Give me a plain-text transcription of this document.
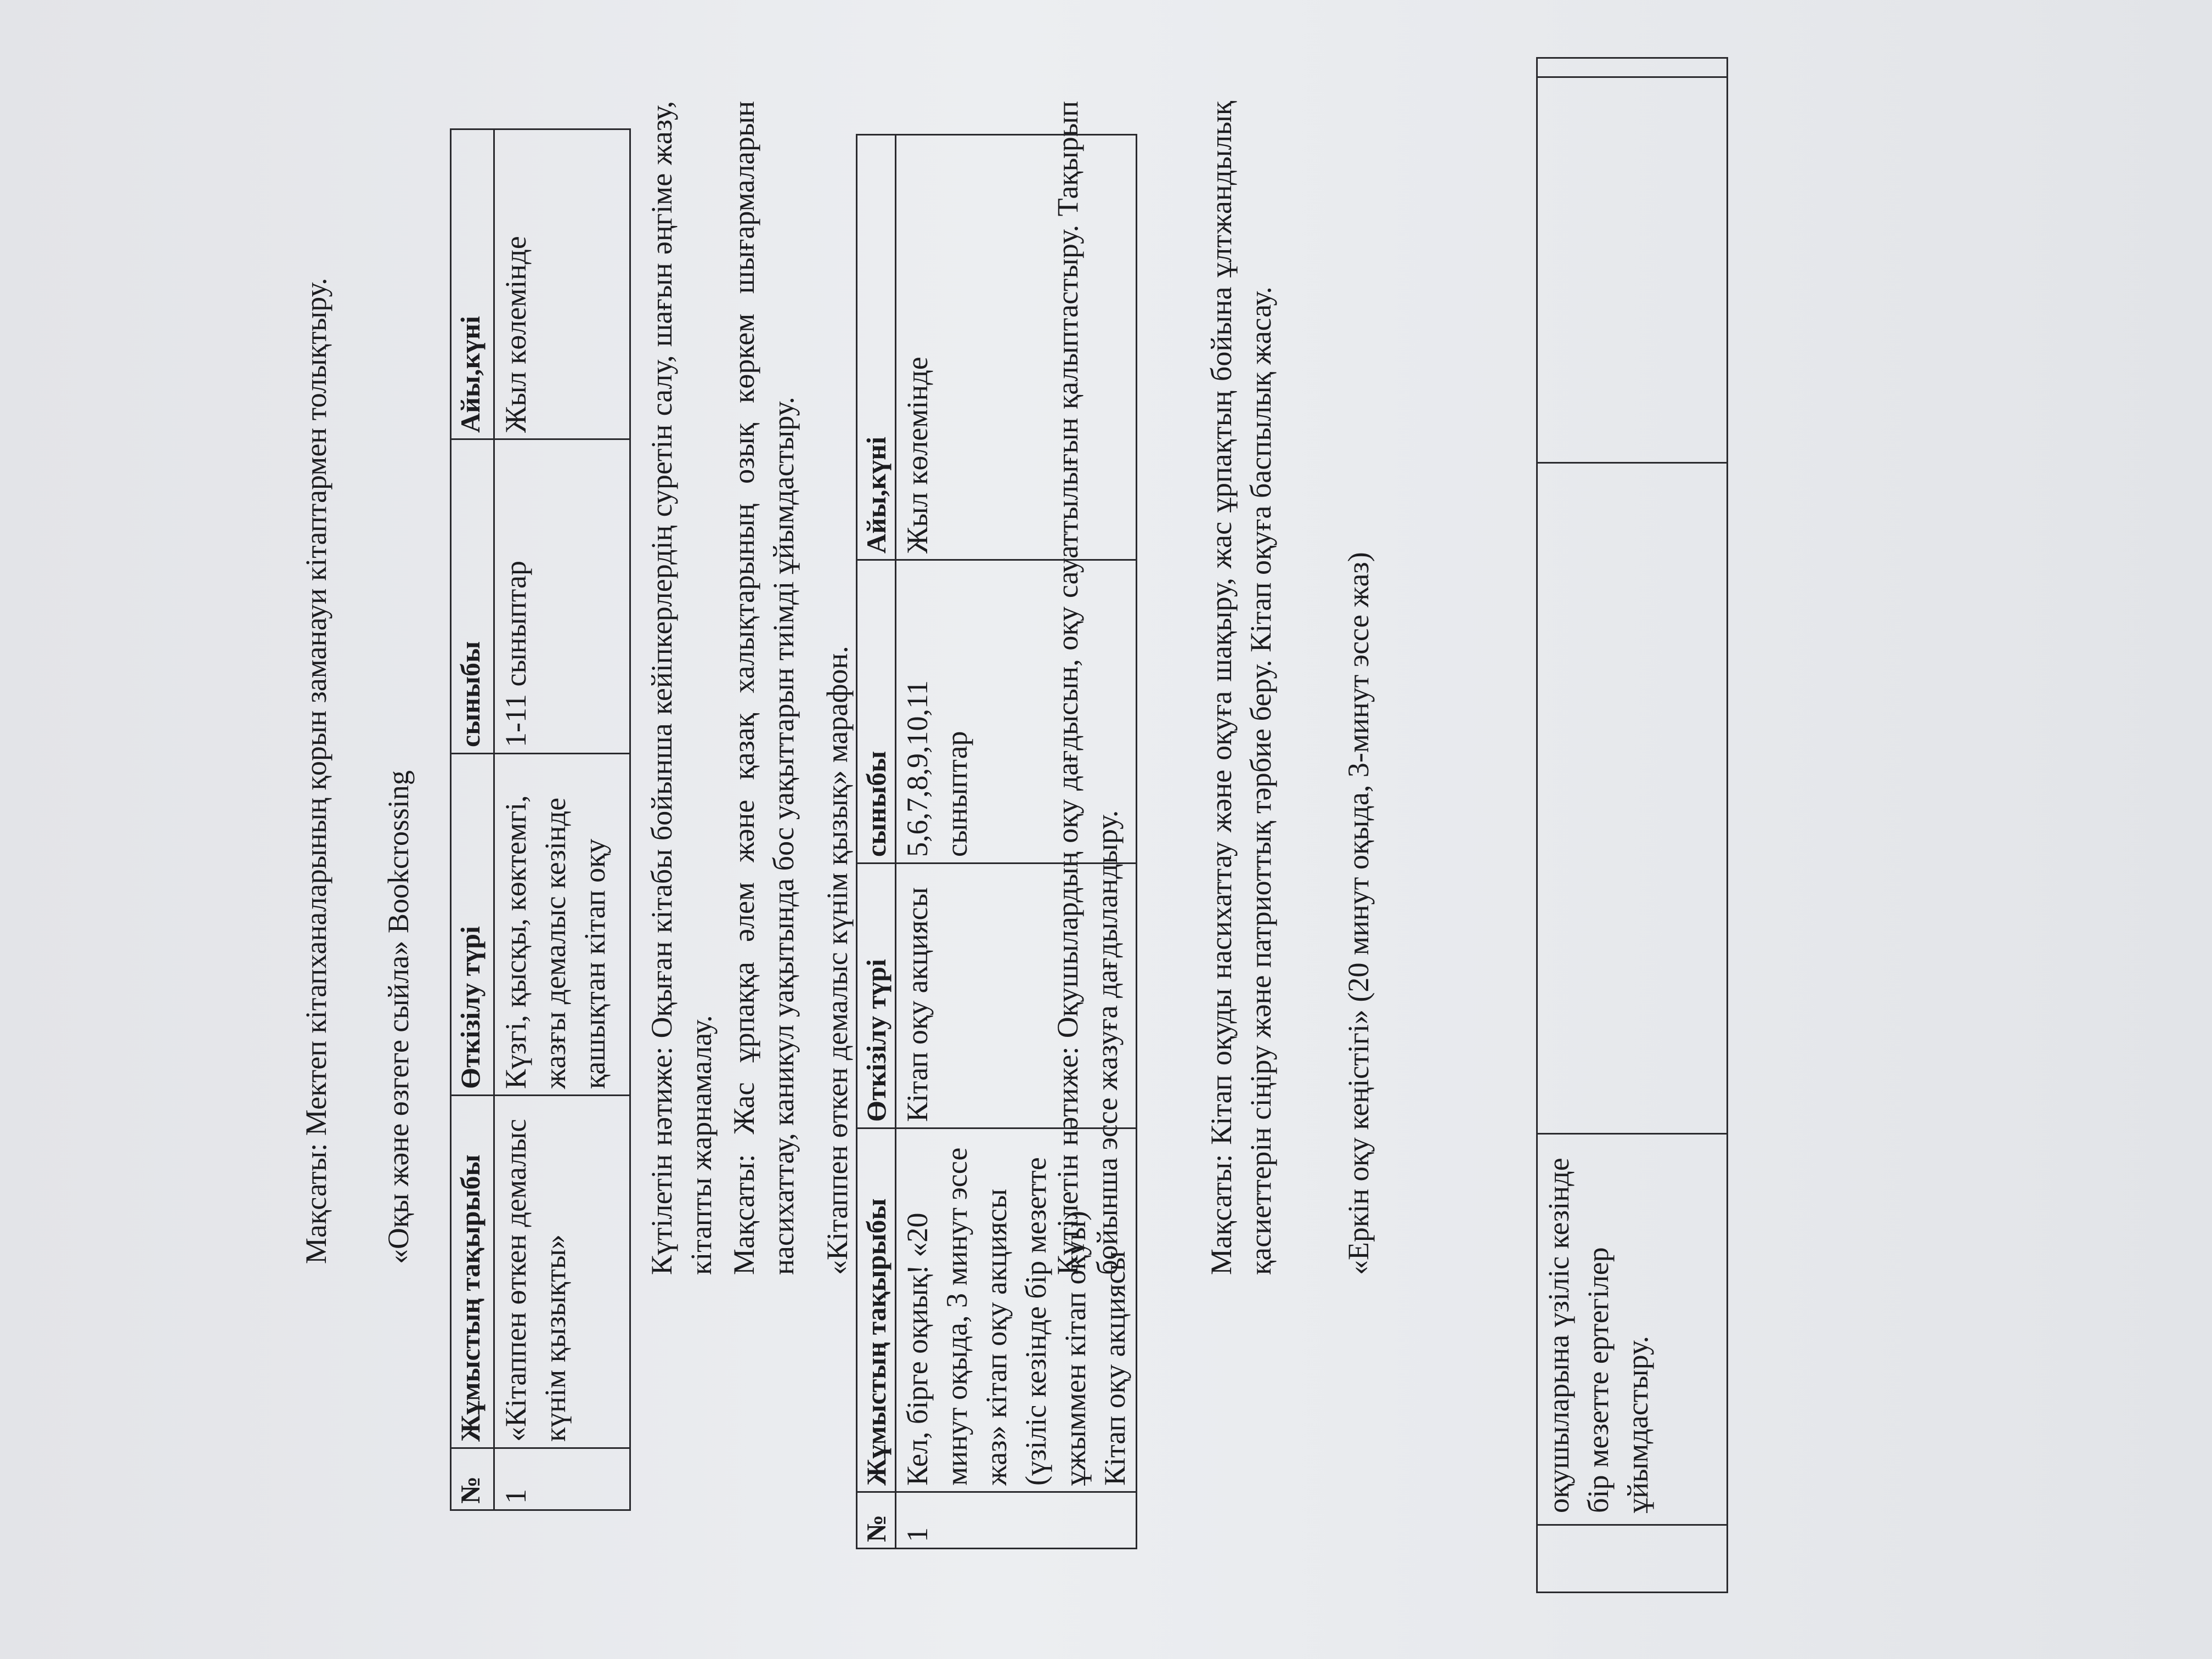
	оқушыларына үзіліс кезінде бір мезетте ертегілер ұйымдастыру.			
«Еркін оқу кеңістігі» (20 минут оқыда, 3-минут эссе жаз)
Мақсаты: Кітап оқуды насихаттау және оқуға шақыру, жас ұрпақтың бойына ұлтжандылық қасиеттерін сіңіру және патриоттық тәрбие беру. Кітап оқуға баспылық жасау.
Күтілетін нәтиже: Оқушылардың оқу дағдысын, оқу сауаттылығын қалыптастыру. Тақырып бойынша эссе жазуға дағдыландыру.
№	Жұмыстың тақырыбы	Өткізілу түрі	сыныбы	Айы,күні
1	Кел, бірге оқиық! «20 минут оқыда, 3 минут эссе жаз» кітап оқу акциясы (үзіліс кезінде бір мезетте ұжыммен кітап оқуы) Кітап оқу акциясы	Кітап оқу акциясы	5,6,7,8,9,10,11 сыныптар	Жыл көлемінде
«Кітаппен өткен демалыс күнім қызық» марафон.
Мақсаты: Жас ұрпаққа әлем және қазақ халықтарының озық көркем шығармаларын насихаттау, каникул уақытында бос уақыттарын тиімді ұйымдастыру.
Күтілетін нәтиже: Оқыған кітабы бойынша кейіпкерлердің суретін салу, шағын әңгіме жазу, кітапты жарнамалау.
№	Жұмыстың тақырыбы	Өткізілу түрі	сыныбы	Айы,күні
1	«Кітаппен өткен демалыс күнім қызықты»	Күзгі, қысқы, көктемгі, жазғы демалыс кезінде қашықтан кітап оқу	1-11 сыныптар	Жыл көлемінде
«Оқы және өзгеге сыйла» Bookcrossing
Мақсаты: Мектеп кітапханаларының қорын заманауи кітаптармен толықтыру.
